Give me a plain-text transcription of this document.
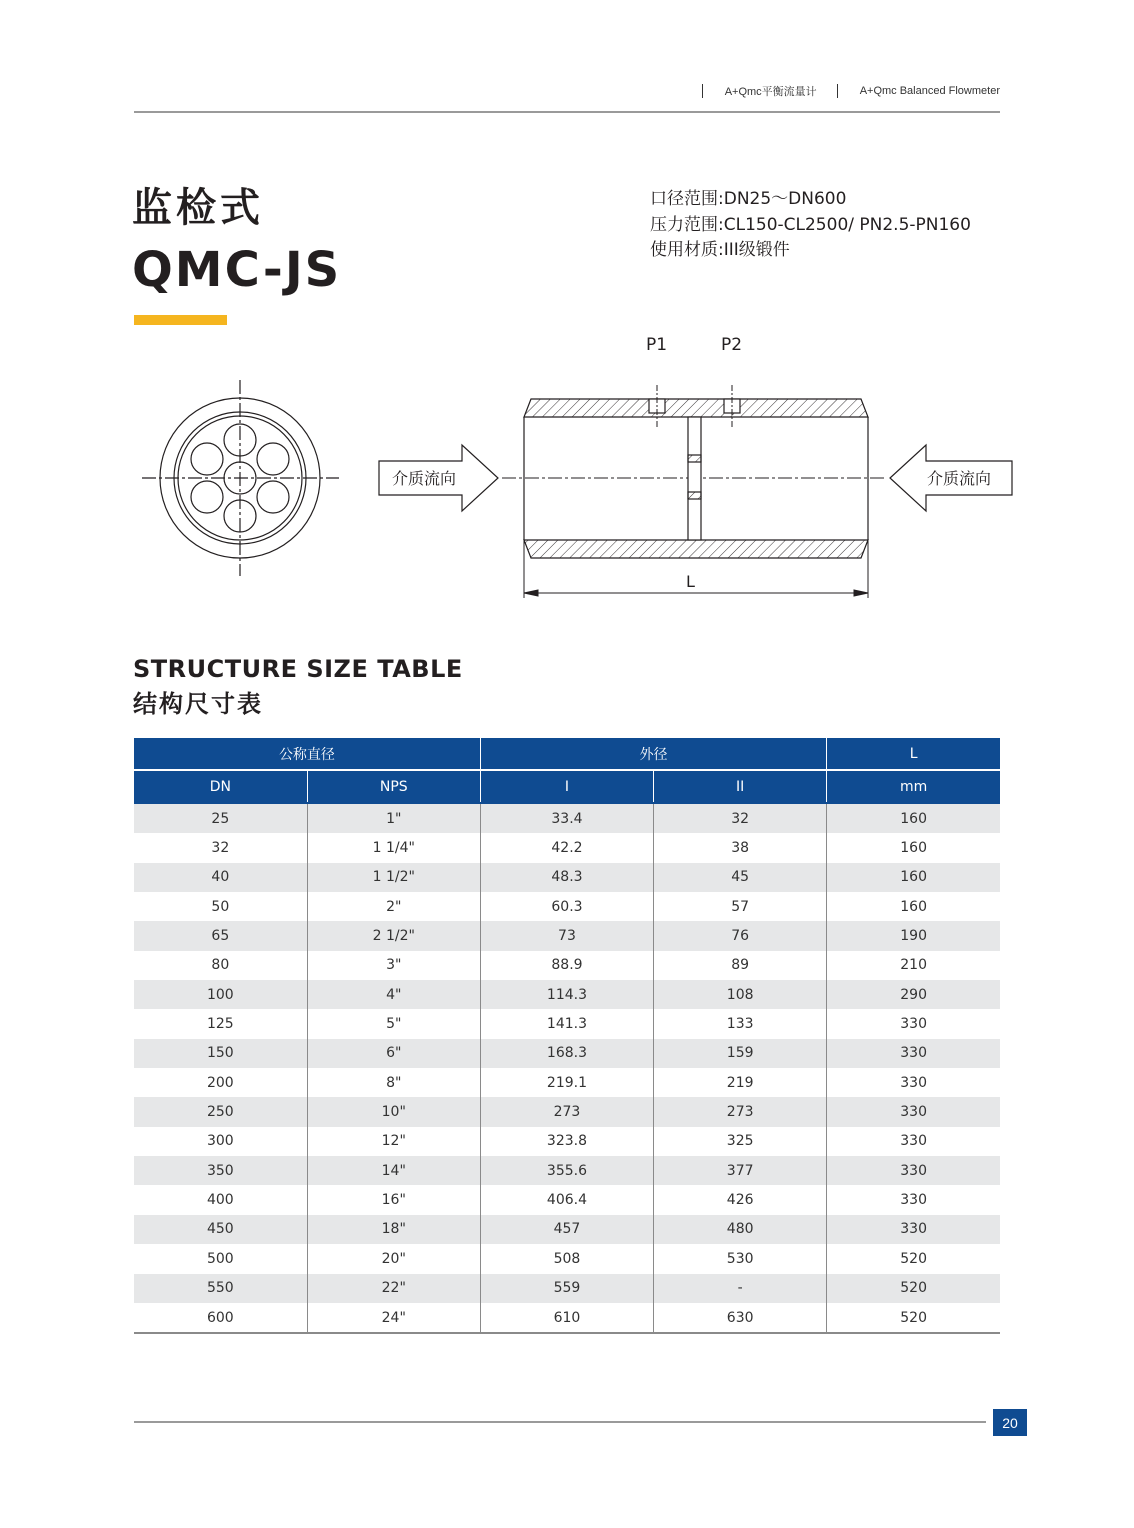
A+Qmc平衡流量计	A+Qmc Balanced Flowmeter
监检式
QMC-JS
口径范围:DN25～DN600
压力范围:CL150-CL2500/ PN2.5-PN160
使用材质:III级锻件
介质流向	介质流向
P1	P2
L
STRUCTURE SIZE TABLE
结构尺寸表
公称直径		外径		L
DN	NPS	I	II	mm
25	1"	33.4	32	160
32	1 1/4"	42.2	38	160
40	1 1/2"	48.3	45	160
50	2"	60.3	57	160
65	2 1/2"	73	76	190
80	3"	88.9	89	210
100	4"	114.3	108	290
125	5"	141.3	133	330
150	6"	168.3	159	330
200	8"	219.1	219	330
250	10"	273	273	330
300	12"	323.8	325	330
350	14"	355.6	377	330
400	16"	406.4	426	330
450	18"	457	480	330
500	20"	508	530	520
550	22"	559	-	520
600	24"	610	630	520
20
